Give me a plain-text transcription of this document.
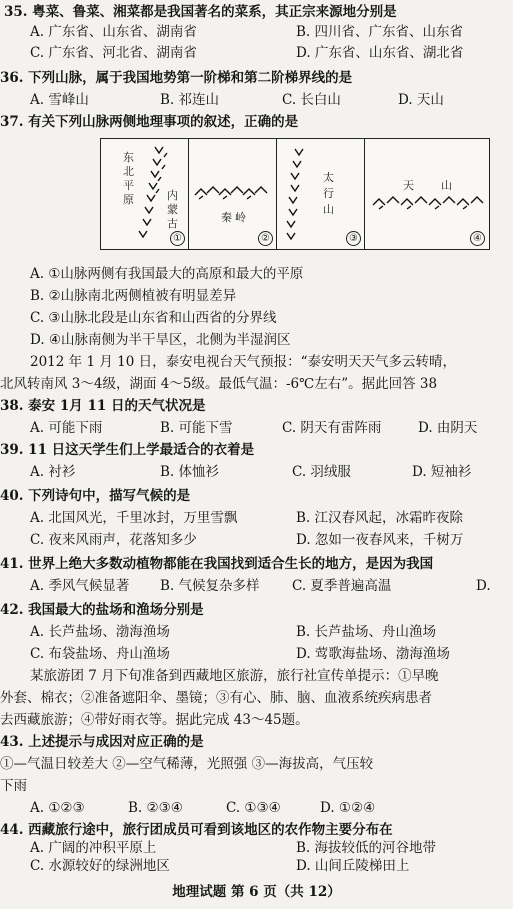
35. 粤菜、鲁菜、湘菜都是我国著名的菜系，其正宗来源地分别是
A. 广东省、山东省、湖南省	B. 四川省、广东省、山东省
C. 广东省、河北省、湖南省	D. 广东省、山东省、湖北省
36. 下列山脉，属于我国地势第一阶梯和第二阶梯界线的是
A. 雪峰山	B. 祁连山	C. 长白山	D. 天山
37. 有关下列山脉两侧地理事项的叙述，正确的是
东
北
平
原	内
蒙
古
①
秦 岭
②
太
行
山
③
天 山
④
A. ①山脉两侧有我国最大的高原和最大的平原
B. ②山脉南北两侧植被有明显差异
C. ③山脉北段是山东省和山西省的分界线
D. ④山脉南侧为半干旱区，北侧为半湿润区
2012 年 1 月 10 日，泰安电视台天气预报：“泰安明天天气多云转晴，
北风转南风 3～4级，湖面 4～5级。最低气温：-6℃左右”。据此回答 38
38. 泰安 1月 11 日的天气状况是
A. 可能下雨	B. 可能下雪	C. 阴天有雷阵雨	D. 由阴天
39. 11 日这天学生们上学最适合的衣着是
A. 衬衫	B. 体恤衫	C. 羽绒服	D. 短袖衫
40. 下列诗句中，描写气候的是
A. 北国风光，千里冰封，万里雪飘	B. 江汉春风起，冰霜昨夜除
C. 夜来风雨声，花落知多少	D. 忽如一夜春风来，千树万
41. 世界上绝大多数动植物都能在我国找到适合生长的地方，是因为我国
A. 季风气候显著 B. 气候复杂多样 C. 夏季普遍高温	D.
42. 我国最大的盐场和渔场分别是
A. 长芦盐场、渤海渔场	B. 长芦盐场、舟山渔场
C. 布袋盐场、舟山渔场	D. 莺歌海盐场、渤海渔场
某旅游团 7 月下旬准备到西藏地区旅游，旅行社宣传单提示：①早晚
外套、棉衣；②准备遮阳伞、墨镜；③有心、肺、脑、血液系统疾病患者
去西藏旅游；④带好雨衣等。据此完成 43～45题。
43. 上述提示与成因对应正确的是
①—气温日较差大 ②—空气稀薄，光照强 ③—海拔高，气压较
下雨
A. ①②③	B. ②③④	C. ①③④	D. ①②④
44. 西藏旅行途中，旅行团成员可看到该地区的农作物主要分布在
A. 广阔的冲积平原上	B. 海拔较低的河谷地带
C. 水源较好的绿洲地区	D. 山间丘陵梯田上
地理试题 第 6 页（共 12）
